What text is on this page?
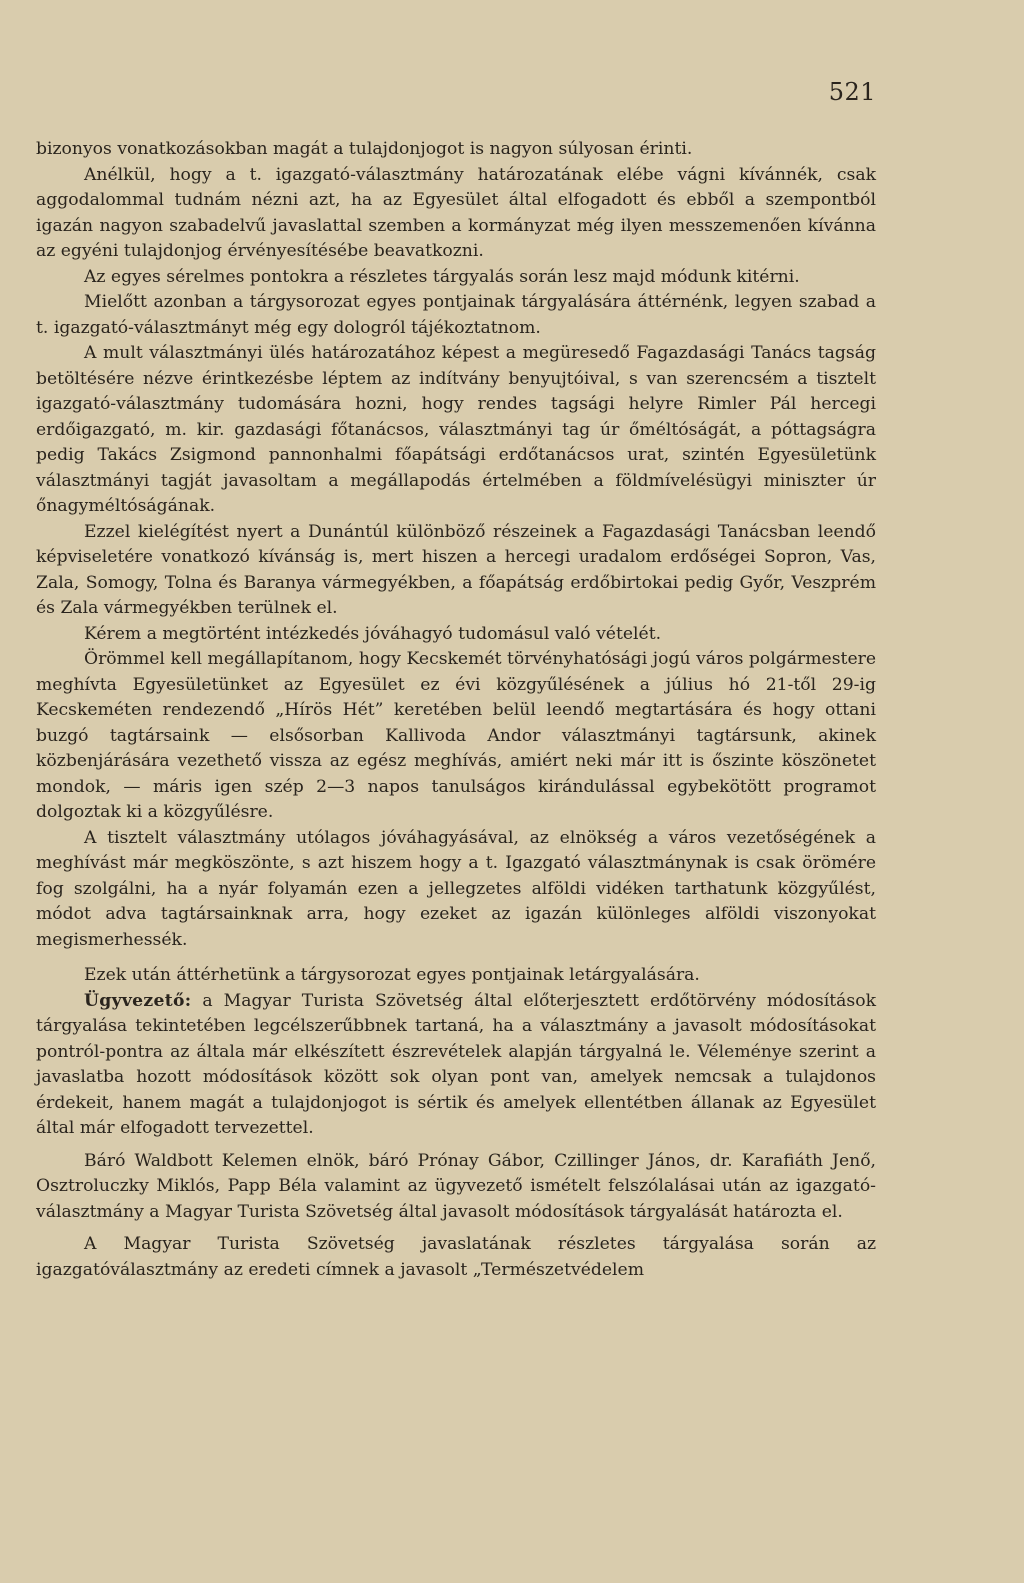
521

bizonyos vonatkozásokban magát a tulajdonjogot is nagyon súlyosan érinti.

Anélkül, hogy a t. igazgató-választmány határozatának elébe vágni kívánnék, csak aggodalommal tudnám nézni azt, ha az Egyesület által elfogadott és ebből a szempontból igazán nagyon szabadelvű javaslattal szemben a kormányzat még ilyen messzemenően kívánna az egyéni tulajdonjog érvényesítésébe beavatkozni.

Az egyes sérelmes pontokra a részletes tárgyalás során lesz majd módunk kitérni.

Mielőtt azonban a tárgysorozat egyes pontjainak tárgyalására áttérnénk, legyen szabad a t. igazgató-választmányt még egy dologról tájékoztatnom.

A mult választmányi ülés határozatához képest a megüresedő Fagazdasági Tanács tagság betöltésére nézve érintkezésbe léptem az indítvány benyujtóival, s van szerencsém a tisztelt igazgató-választmány tudomására hozni, hogy rendes tagsági helyre Rimler Pál hercegi erdőigazgató, m. kir. gazdasági főtanácsos, választmányi tag úr őméltóságát, a póttagságra pedig Takács Zsigmond pannonhalmi főapátsági erdőtanácsos urat, szintén Egyesületünk választmányi tagját javasoltam a megállapodás értelmében a földmívelésügyi miniszter úr őnagyméltóságának.

Ezzel kielégítést nyert a Dunántúl különböző részeinek a Fagazdasági Tanácsban leendő képviseletére vonatkozó kívánság is, mert hiszen a hercegi uradalom erdőségei Sopron, Vas, Zala, Somogy, Tolna és Baranya vármegyékben, a főapátság erdőbirtokai pedig Győr, Veszprém és Zala vármegyékben terülnek el.

Kérem a megtörtént intézkedés jóváhagyó tudomásul való vételét.

Örömmel kell megállapítanom, hogy Kecskemét törvényhatósági jogú város polgármestere meghívta Egyesületünket az Egyesület ez évi közgyűlésének a július hó 21-től 29-ig Kecskeméten rendezendő „Hírös Hét” keretében belül leendő megtartására és hogy ottani buzgó tagtársaink — elsősorban Kallivoda Andor választmányi tagtársunk, akinek közbenjárására vezethető vissza az egész meghívás, amiért neki már itt is őszinte köszönetet mondok, — máris igen szép 2—3 napos tanulságos kirándulással egybekötött programot dolgoztak ki a közgyűlésre.

A tisztelt választmány utólagos jóváhagyásával, az elnökség a város vezetőségének a meghívást már megköszönte, s azt hiszem hogy a t. Igazgató választmánynak is csak örömére fog szolgálni, ha a nyár folyamán ezen a jellegzetes alföldi vidéken tarthatunk közgyűlést, módot adva tagtársainknak arra, hogy ezeket az igazán különleges alföldi viszonyokat megismerhessék.

Ezek után áttérhetünk a tárgysorozat egyes pontjainak letárgyalására.

Ügyvezető: a Magyar Turista Szövetség által előterjesztett erdőtörvény módosítások tárgyalása tekintetében legcélszerűbbnek tartaná, ha a választmány a javasolt módosításokat pontról-pontra az általa már elkészített észrevételek alapján tárgyalná le. Véleménye szerint a javaslatba hozott módosítások között sok olyan pont van, amelyek nemcsak a tulajdonos érdekeit, hanem magát a tulajdonjogot is sértik és amelyek ellentétben állanak az Egyesület által már elfogadott tervezettel.

Báró Waldbott Kelemen elnök, báró Prónay Gábor, Czillinger János, dr. Karafiáth Jenő, Osztroluczky Miklós, Papp Béla valamint az ügyvezető ismételt felszólalásai után az igazgató-választmány a Magyar Turista Szövetség által javasolt módosítások tárgyalását határozta el.

A Magyar Turista Szövetség javaslatának részletes tárgyalása során az igazgatóválasztmány az eredeti címnek a javasolt „Természetvédelem
